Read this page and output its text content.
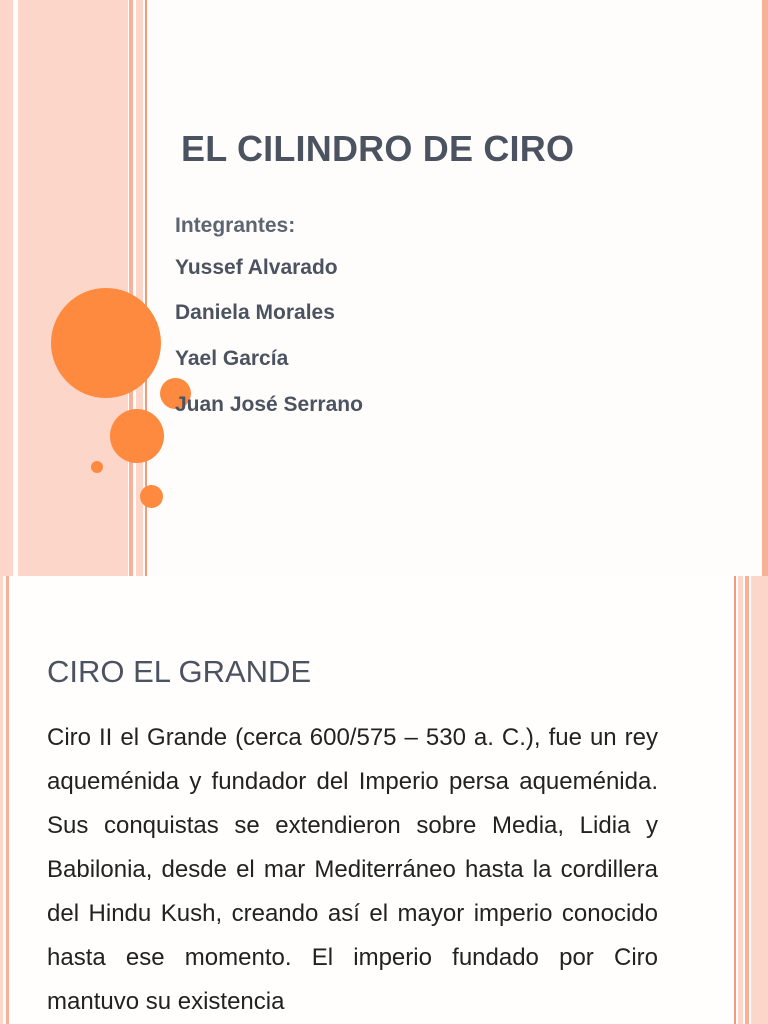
EL CILINDRO DE CIRO
Integrantes:
Yussef Alvarado
Daniela Morales
Yael García
Juan José Serrano
CIRO EL GRANDE
Ciro II el Grande (cerca 600/575 – 530 a. C.), fue un rey aqueménida y fundador del Imperio persa aqueménida. Sus conquistas se extendieron sobre Media, Lidia y Babilonia, desde el mar Mediterráneo hasta la cordillera del Hindu Kush, creando así el mayor imperio conocido hasta ese momento. El imperio fundado por Ciro mantuvo su existencia
